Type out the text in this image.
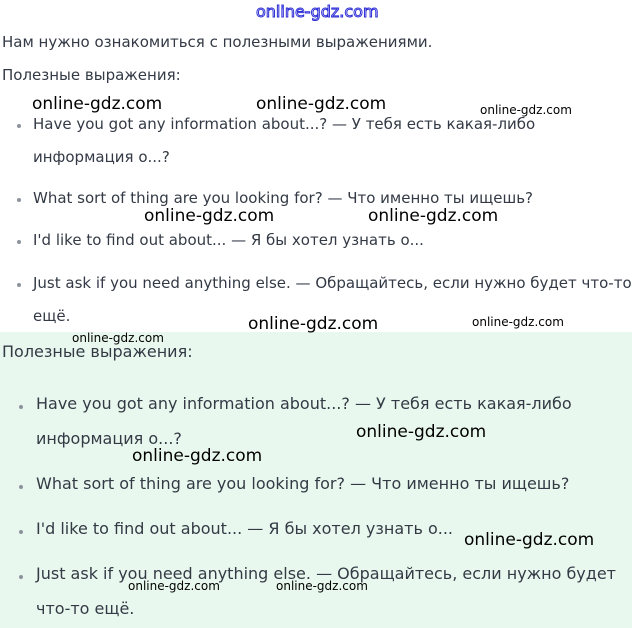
online-gdz.com
Нам нужно ознакомиться с полезными выражениями.
Полезные выражения:
Have you got any information about...? — У тебя есть какая-либо
информация о...?
What sort of thing are you looking for? — Что именно ты ищешь?
I'd like to find out about... — Я бы хотел узнать о...
Just ask if you need anything else. — Обращайтесь, если нужно будет что-то
ещё.
Полезные выражения:
Have you got any information about...? — У тебя есть какая-либо
информация о...?
What sort of thing are you looking for? — Что именно ты ищешь?
I'd like to find out about... — Я бы хотел узнать о...
Just ask if you need anything else. — Обращайтесь, если нужно будет
что-то ещё.
online-gdz.com	online-gdz.com	online-gdz.com
online-gdz.com	online-gdz.com
online-gdz.com	online-gdz.com
online-gdz.com
online-gdz.com
online-gdz.com
online-gdz.com
online-gdz.com	online-gdz.com
